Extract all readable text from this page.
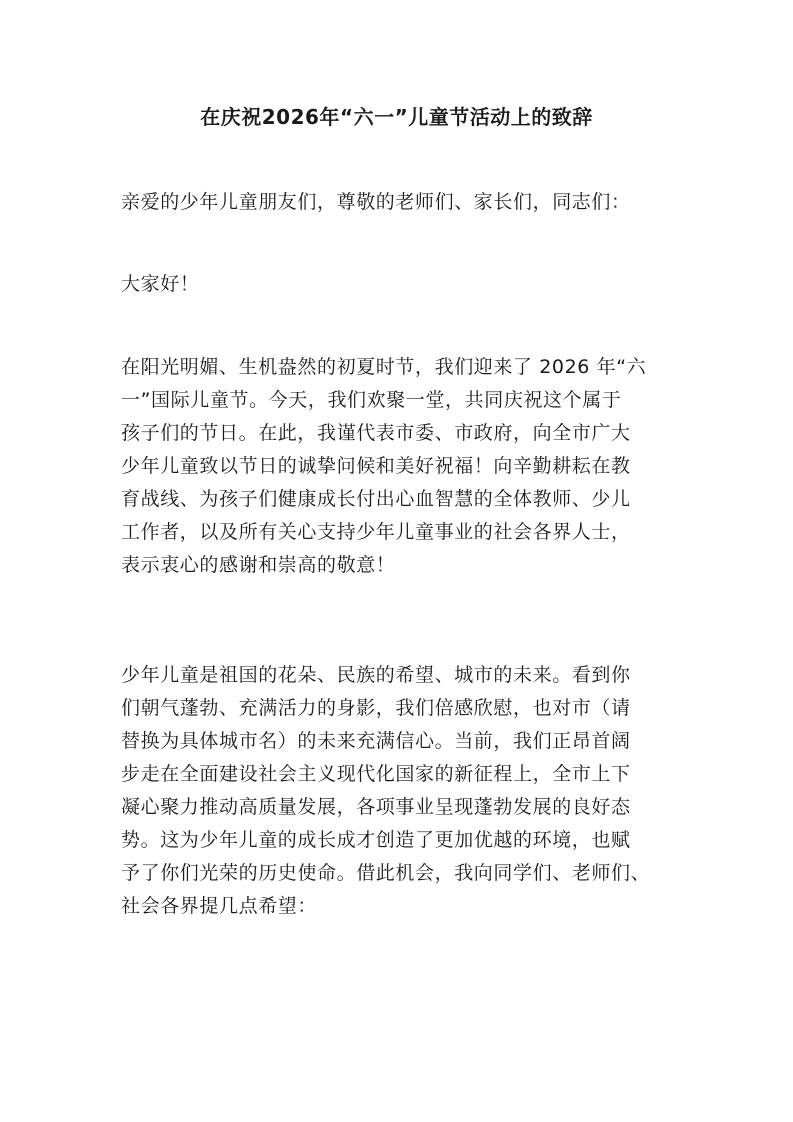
在庆祝2026年“六一”儿童节活动上的致辞
亲爱的少年儿童朋友们，尊敬的老师们、家长们，同志们：
大家好！
在阳光明媚、生机盎然的初夏时节，我们迎来了 2026 年“六
一”国际儿童节。今天，我们欢聚一堂，共同庆祝这个属于
孩子们的节日。在此，我谨代表市委、市政府，向全市广大
少年儿童致以节日的诚挚问候和美好祝福！向辛勤耕耘在教
育战线、为孩子们健康成长付出心血智慧的全体教师、少儿
工作者，以及所有关心支持少年儿童事业的社会各界人士，
表示衷心的感谢和崇高的敬意！
少年儿童是祖国的花朵、民族的希望、城市的未来。看到你
们朝气蓬勃、充满活力的身影，我们倍感欣慰，也对市（请
替换为具体城市名）的未来充满信心。当前，我们正昂首阔
步走在全面建设社会主义现代化国家的新征程上，全市上下
凝心聚力推动高质量发展，各项事业呈现蓬勃发展的良好态
势。这为少年儿童的成长成才创造了更加优越的环境，也赋
予了你们光荣的历史使命。借此机会，我向同学们、老师们、
社会各界提几点希望：
